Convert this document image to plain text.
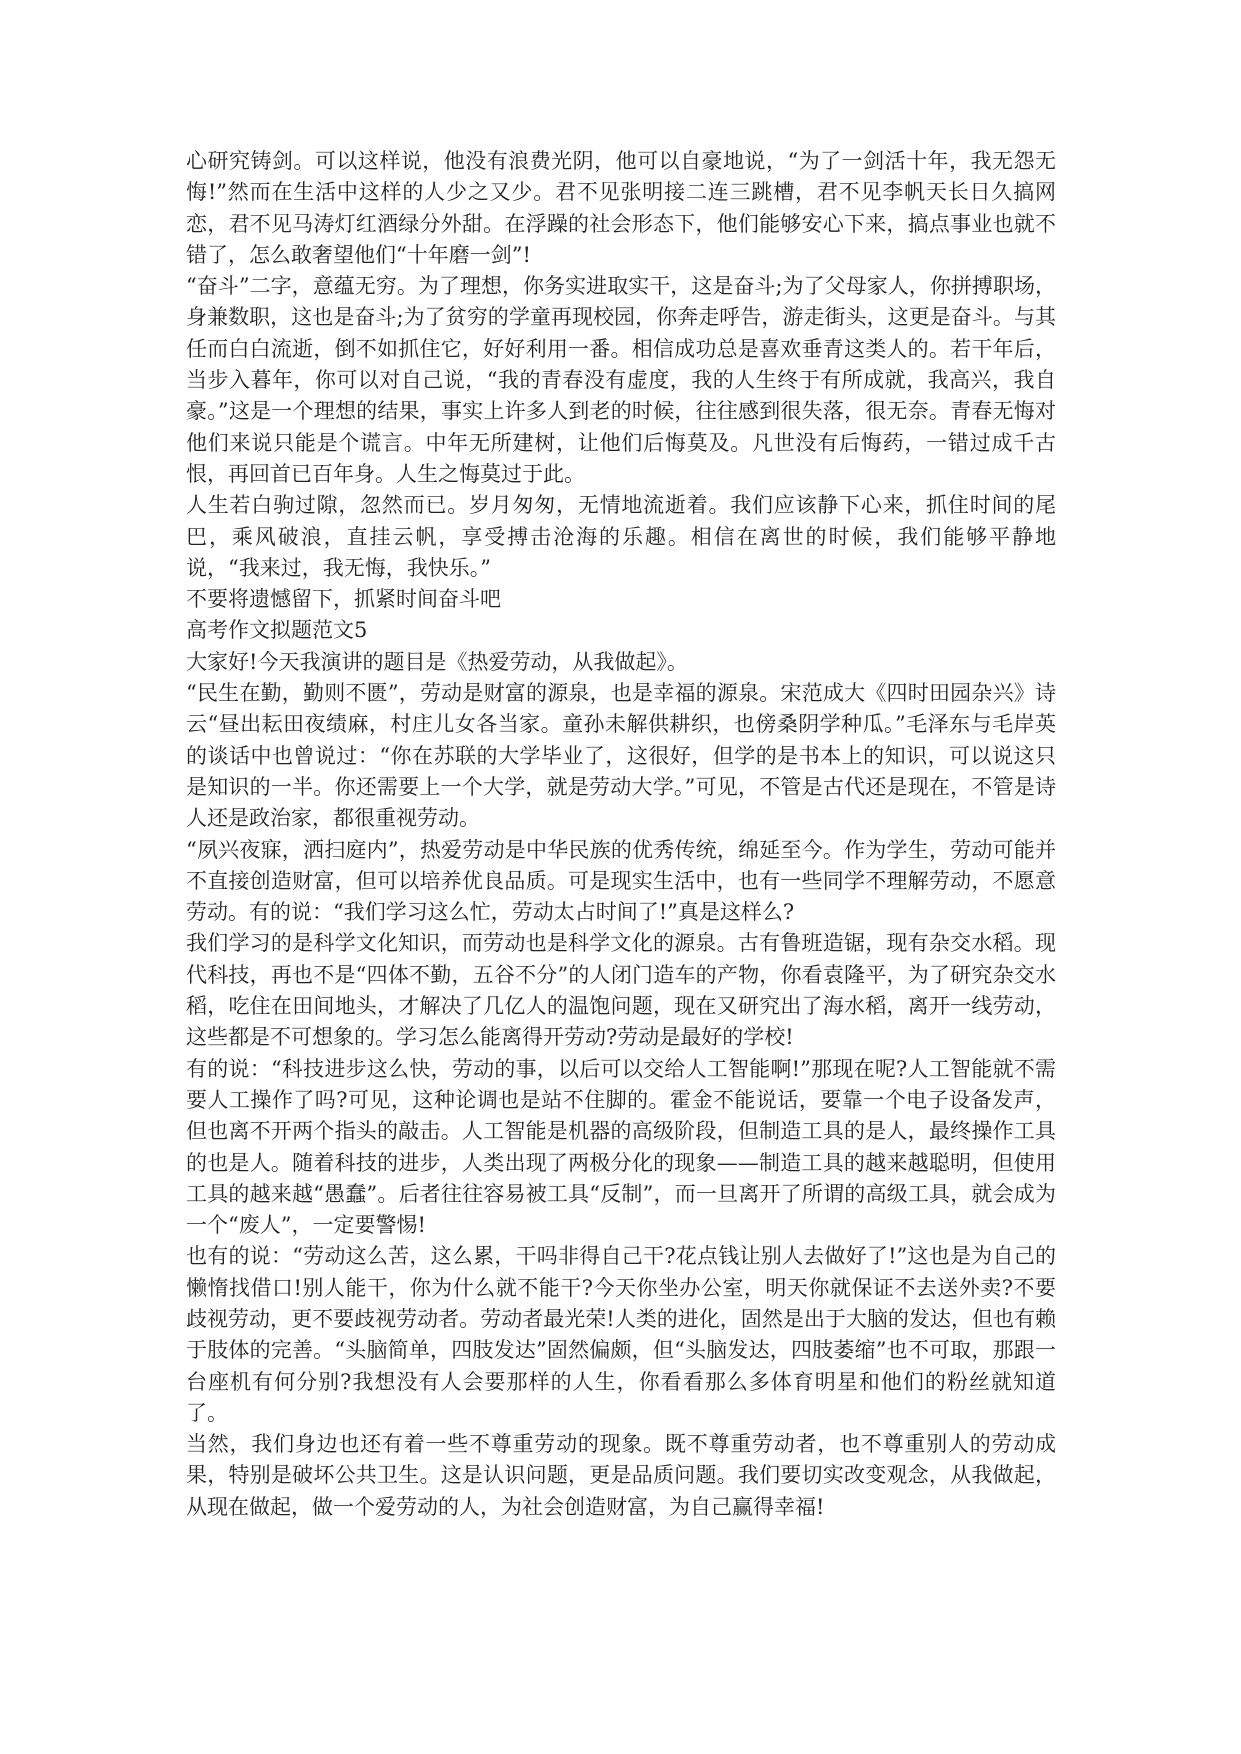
心研究铸剑。可以这样说，他没有浪费光阴，他可以自豪地说，“为了一剑活十年，我无怨无悔!”然而在生活中这样的人少之又少。君不见张明接二连三跳槽，君不见李帆天长日久搞网恋，君不见马涛灯红酒绿分外甜。在浮躁的社会形态下，他们能够安心下来，搞点事业也就不错了，怎么敢奢望他们“十年磨一剑”!

“奋斗”二字，意蕴无穷。为了理想，你务实进取实干，这是奋斗;为了父母家人，你拼搏职场，身兼数职，这也是奋斗;为了贫穷的学童再现校园，你奔走呼告，游走街头，这更是奋斗。与其任而白白流逝，倒不如抓住它，好好利用一番。相信成功总是喜欢垂青这类人的。若干年后，当步入暮年，你可以对自己说，“我的青春没有虚度，我的人生终于有所成就，我高兴，我自豪。”这是一个理想的结果，事实上许多人到老的时候，往往感到很失落，很无奈。青春无悔对他们来说只能是个谎言。中年无所建树，让他们后悔莫及。凡世没有后悔药，一错过成千古恨，再回首已百年身。人生之悔莫过于此。

人生若白驹过隙，忽然而已。岁月匆匆，无情地流逝着。我们应该静下心来，抓住时间的尾巴，乘风破浪，直挂云帆，享受搏击沧海的乐趣。相信在离世的时候，我们能够平静地说，“我来过，我无悔，我快乐。”

不要将遗憾留下，抓紧时间奋斗吧

高考作文拟题范文5

大家好!今天我演讲的题目是《热爱劳动，从我做起》。

“民生在勤，勤则不匮”，劳动是财富的源泉，也是幸福的源泉。宋范成大《四时田园杂兴》诗云“昼出耘田夜绩麻，村庄儿女各当家。童孙未解供耕织，也傍桑阴学种瓜。”毛泽东与毛岸英的谈话中也曾说过：“你在苏联的大学毕业了，这很好，但学的是书本上的知识，可以说这只是知识的一半。你还需要上一个大学，就是劳动大学。”可见，不管是古代还是现在，不管是诗人还是政治家，都很重视劳动。

“夙兴夜寐，洒扫庭内”，热爱劳动是中华民族的优秀传统，绵延至今。作为学生，劳动可能并不直接创造财富，但可以培养优良品质。可是现实生活中，也有一些同学不理解劳动，不愿意劳动。有的说：“我们学习这么忙，劳动太占时间了!”真是这样么?

我们学习的是科学文化知识，而劳动也是科学文化的源泉。古有鲁班造锯，现有杂交水稻。现代科技，再也不是“四体不勤，五谷不分”的人闭门造车的产物，你看袁隆平，为了研究杂交水稻，吃住在田间地头，才解决了几亿人的温饱问题，现在又研究出了海水稻，离开一线劳动，这些都是不可想象的。学习怎么能离得开劳动?劳动是最好的学校!

有的说：“科技进步这么快，劳动的事，以后可以交给人工智能啊!”那现在呢?人工智能就不需要人工操作了吗?可见，这种论调也是站不住脚的。霍金不能说话，要靠一个电子设备发声，但也离不开两个指头的敲击。人工智能是机器的高级阶段，但制造工具的是人，最终操作工具的也是人。随着科技的进步，人类出现了两极分化的现象——制造工具的越来越聪明，但使用工具的越来越“愚蠢”。后者往往容易被工具“反制”，而一旦离开了所谓的高级工具，就会成为一个“废人”，一定要警惕!

也有的说：“劳动这么苦，这么累，干吗非得自己干?花点钱让别人去做好了!”这也是为自己的懒惰找借口!别人能干，你为什么就不能干?今天你坐办公室，明天你就保证不去送外卖?不要歧视劳动，更不要歧视劳动者。劳动者最光荣!人类的进化，固然是出于大脑的发达，但也有赖于肢体的完善。“头脑简单，四肢发达”固然偏颇，但“头脑发达，四肢萎缩”也不可取，那跟一台座机有何分别?我想没有人会要那样的人生，你看看那么多体育明星和他们的粉丝就知道了。

当然，我们身边也还有着一些不尊重劳动的现象。既不尊重劳动者，也不尊重别人的劳动成果，特别是破坏公共卫生。这是认识问题，更是品质问题。我们要切实改变观念，从我做起，从现在做起，做一个爱劳动的人，为社会创造财富，为自己赢得幸福!
